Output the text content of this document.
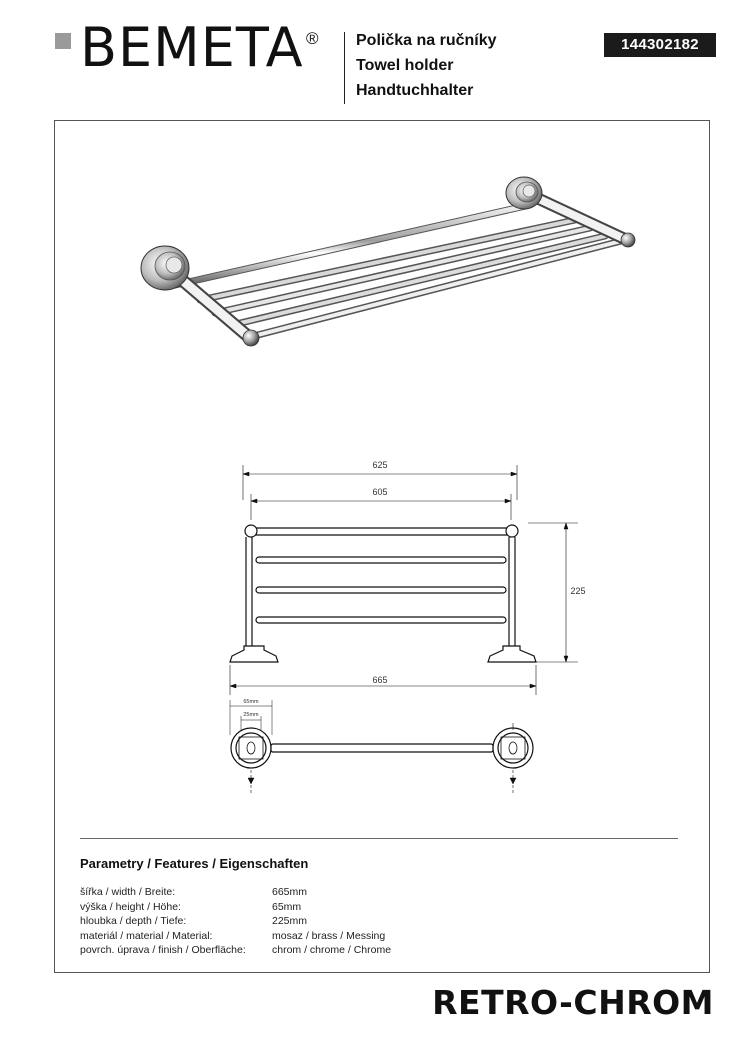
BEMETA ® Polička na ručníky
Towel holder
Handtuchhalter
144302182
625
605
225
665
65mm
25mm
Parametry / Features / Eigenschaften
šířka / width / Breite:
výška / height / Höhe:
hloubka / depth / Tiefe:
materiál / material / Material:
povrch. úprava / finish / Oberfläche:
665mm
65mm
225mm
mosaz / brass / Messing
chrom / chrome / Chrome
RETRO-CHROM
